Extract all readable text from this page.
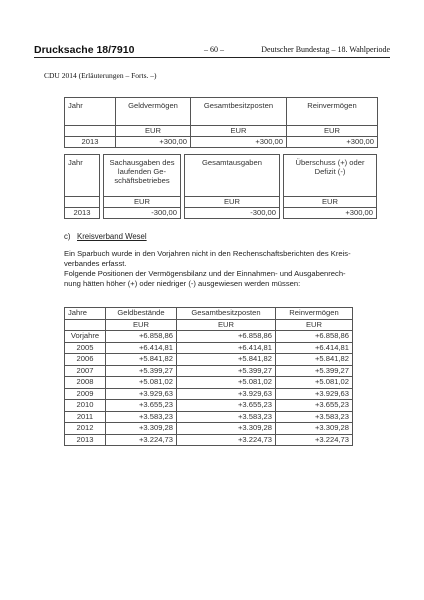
Drucksache 18/7910	– 60 –	Deutscher Bundestag – 18. Wahlperiode
CDU 2014 (Erläuterungen – Forts. –)
Jahr	Geldvermögen	Gesamtbesitzposten	Reinvermögen
	EUR	EUR	EUR
2013	+300,00	+300,00	+300,00
Jahr		Sachausgaben des laufenden Ge-schäftsbetriebes		Gesamtausgaben		Überschuss (+) oder Defizit (-)
		EUR		EUR		EUR
2013		-300,00		-300,00		+300,00
c) Kreisverband Wesel
Ein Sparbuch wurde in den Vorjahren nicht in den Rechenschaftsberichten des Kreis-
verbandes erfasst.
Folgende Positionen der Vermögensbilanz und der Einnahmen- und Ausgabenrech-
nung hätten höher (+) oder niedriger (-) ausgewiesen werden müssen:
Jahre	Geldbestände	Gesamtbesitzposten	Reinvermögen
	EUR	EUR	EUR
Vorjahre	+6.858,86	+6.858,86	+6.858,86
2005	+6.414,81	+6.414,81	+6.414,81
2006	+5.841,82	+5.841,82	+5.841,82
2007	+5.399,27	+5.399,27	+5.399,27
2008	+5.081,02	+5.081,02	+5.081,02
2009	+3.929,63	+3.929,63	+3.929,63
2010	+3.655,23	+3.655,23	+3.655,23
2011	+3.583,23	+3.583,23	+3.583,23
2012	+3.309,28	+3.309,28	+3.309,28
2013	+3.224,73	+3.224,73	+3.224,73
